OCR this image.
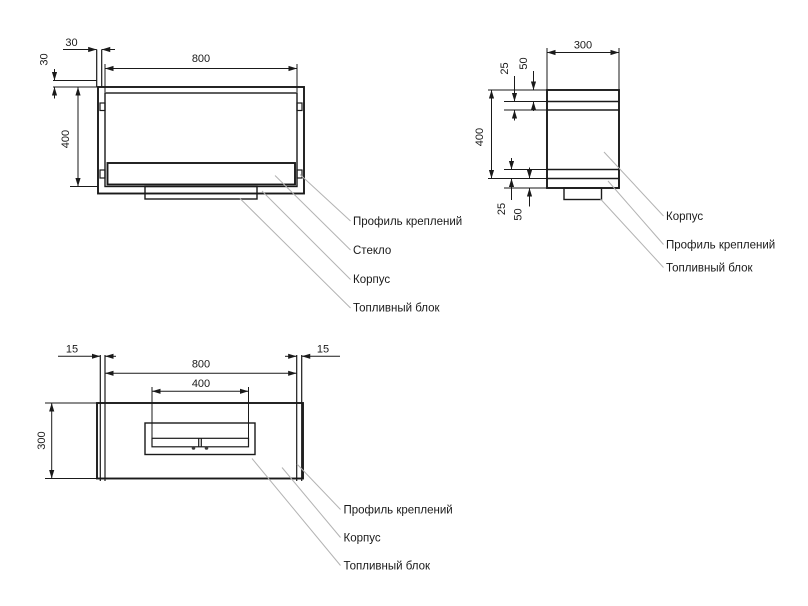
30
30	800
400
Профиль креплений
Стекло
Корпус
Топливный блок
300
400
50
25
25 50	Корпус
Профиль креплений
Топливный блок
15	15
800
400
300
Профиль креплений
Корпус
Топливный блок
